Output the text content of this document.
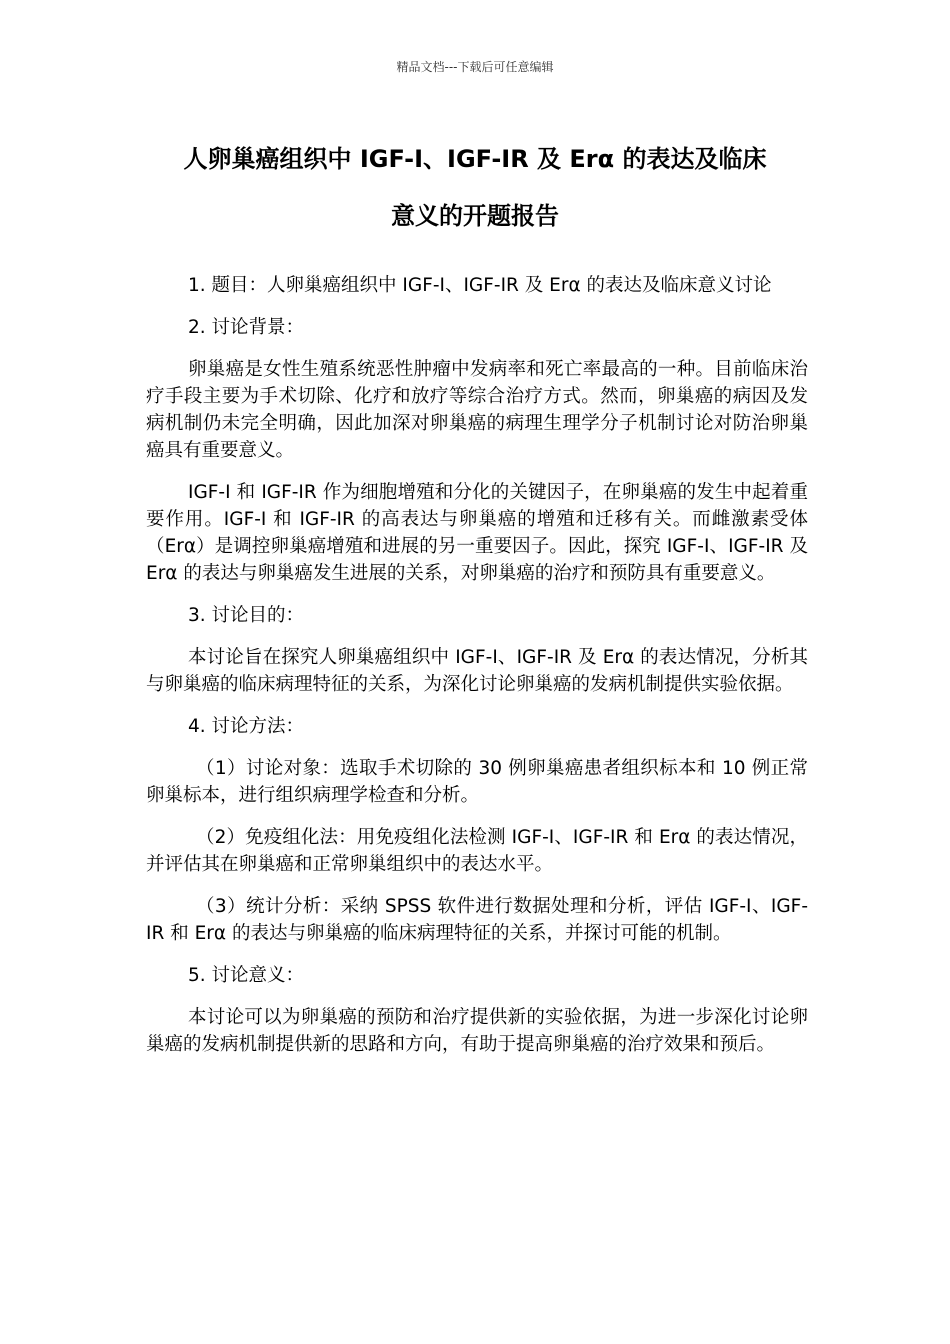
精品文档---下载后可任意编辑
人卵巢癌组织中 IGF-I、IGF-IR 及 Erα 的表达及临床
意义的开题报告

1. 题目：人卵巢癌组织中 IGF-I、IGF-IR 及 Erα 的表达及临床意义讨论

2. 讨论背景：

卵巢癌是女性生殖系统恶性肿瘤中发病率和死亡率最高的一种。目前临床治疗手段主要为手术切除、化疗和放疗等综合治疗方式。然而，卵巢癌的病因及发病机制仍未完全明确，因此加深对卵巢癌的病理生理学分子机制讨论对防治卵巢癌具有重要意义。

IGF-I 和 IGF-IR 作为细胞增殖和分化的关键因子，在卵巢癌的发生中起着重要作用。IGF-I 和 IGF-IR 的高表达与卵巢癌的增殖和迁移有关。而雌激素受体（Erα）是调控卵巢癌增殖和进展的另一重要因子。因此，探究 IGF-I、IGF-IR 及 Erα 的表达与卵巢癌发生进展的关系，对卵巢癌的治疗和预防具有重要意义。

3. 讨论目的：

本讨论旨在探究人卵巢癌组织中 IGF-I、IGF-IR 及 Erα 的表达情况，分析其与卵巢癌的临床病理特征的关系，为深化讨论卵巢癌的发病机制提供实验依据。

4. 讨论方法：

（1）讨论对象：选取手术切除的 30 例卵巢癌患者组织标本和 10 例正常卵巢标本，进行组织病理学检查和分析。

（2）免疫组化法：用免疫组化法检测 IGF-I、IGF-IR 和 Erα 的表达情况，并评估其在卵巢癌和正常卵巢组织中的表达水平。

（3）统计分析：采纳 SPSS 软件进行数据处理和分析，评估 IGF-I、IGF-IR 和 Erα 的表达与卵巢癌的临床病理特征的关系，并探讨可能的机制。

5. 讨论意义：

本讨论可以为卵巢癌的预防和治疗提供新的实验依据，为进一步深化讨论卵巢癌的发病机制提供新的思路和方向，有助于提高卵巢癌的治疗效果和预后。
